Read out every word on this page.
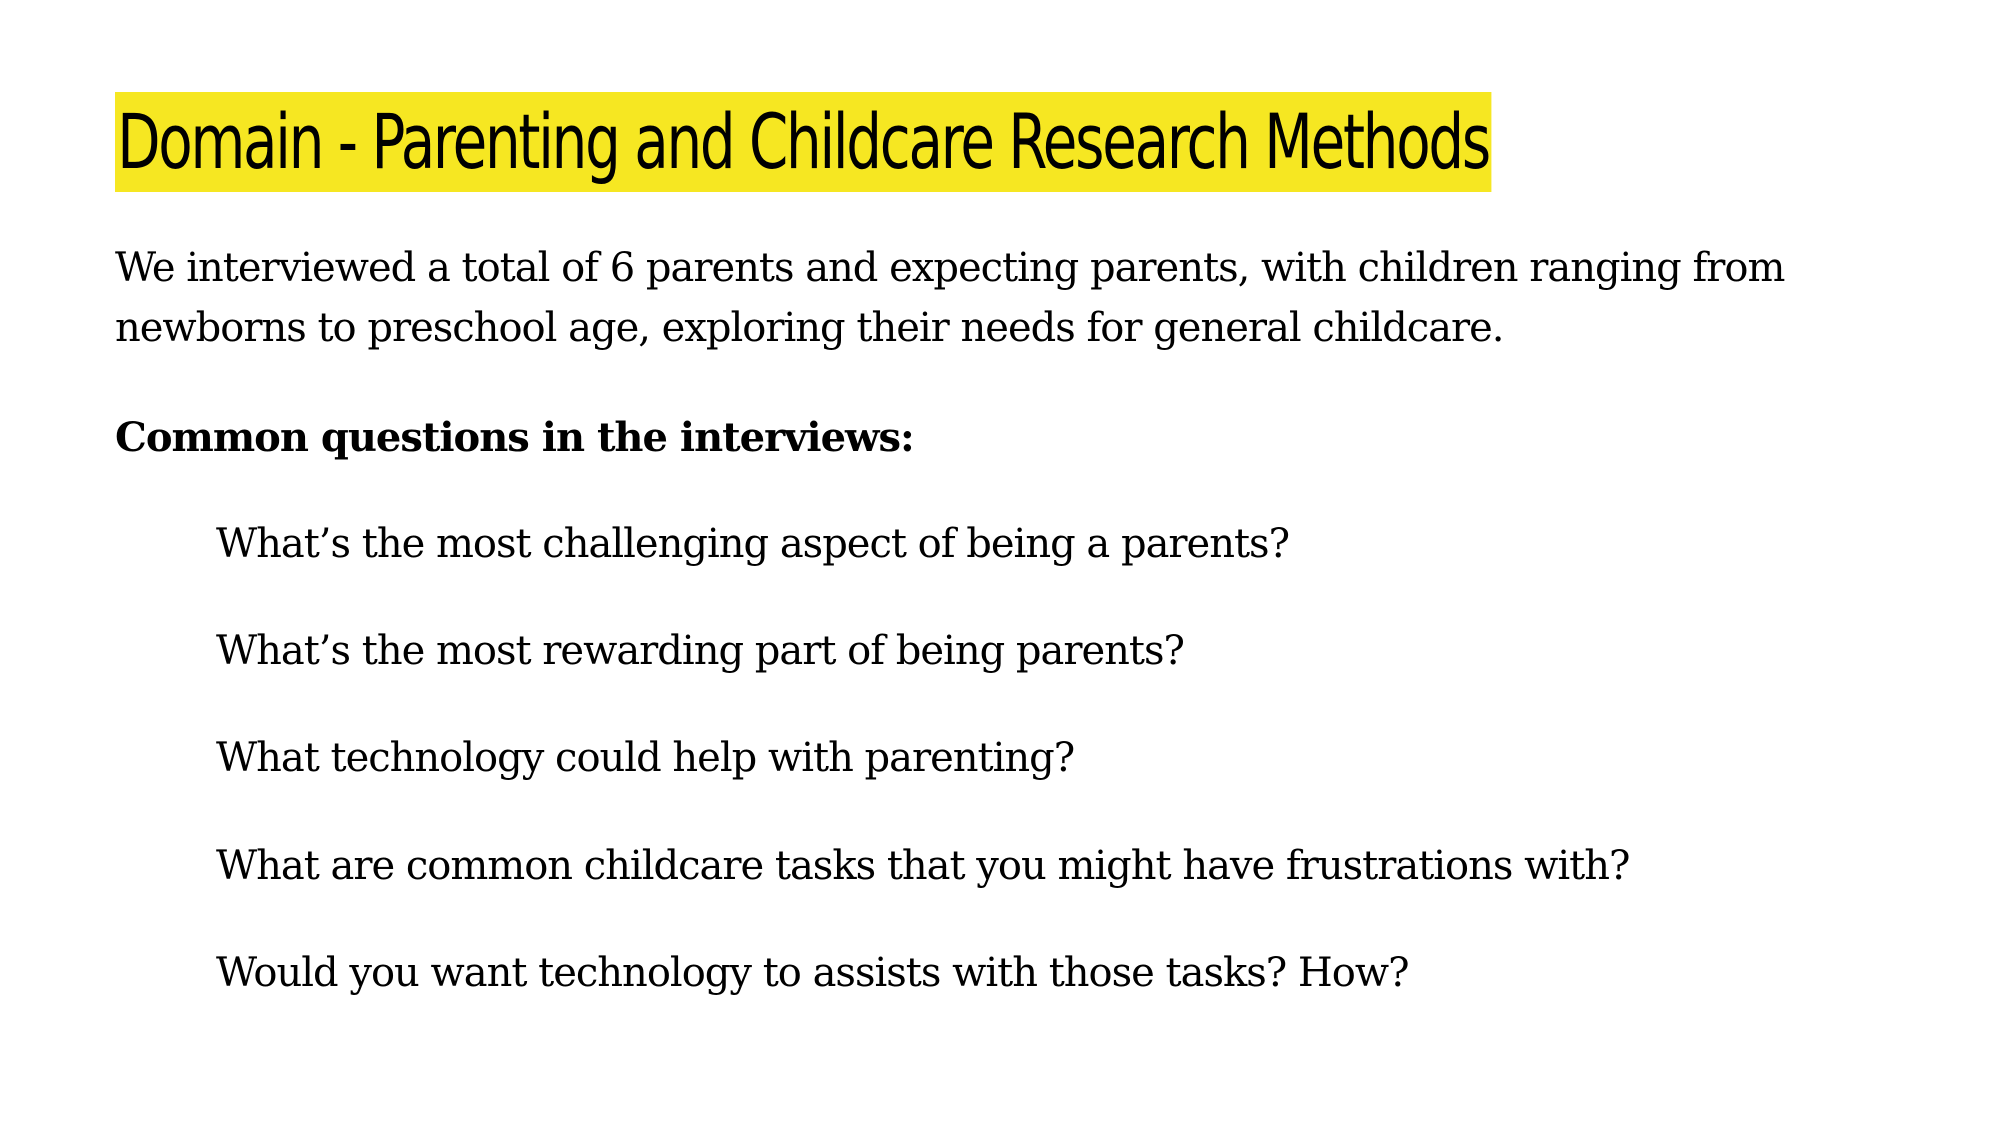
Domain - Parenting and Childcare Research Methods

We interviewed a total of 6 parents and expecting parents, with children ranging from
newborns to preschool age, exploring their needs for general childcare.

Common questions in the interviews:
What’s the most challenging aspect of being a parents?
What’s the most rewarding part of being parents?
What technology could help with parenting?
What are common childcare tasks that you might have frustrations with?
Would you want technology to assists with those tasks? How?
